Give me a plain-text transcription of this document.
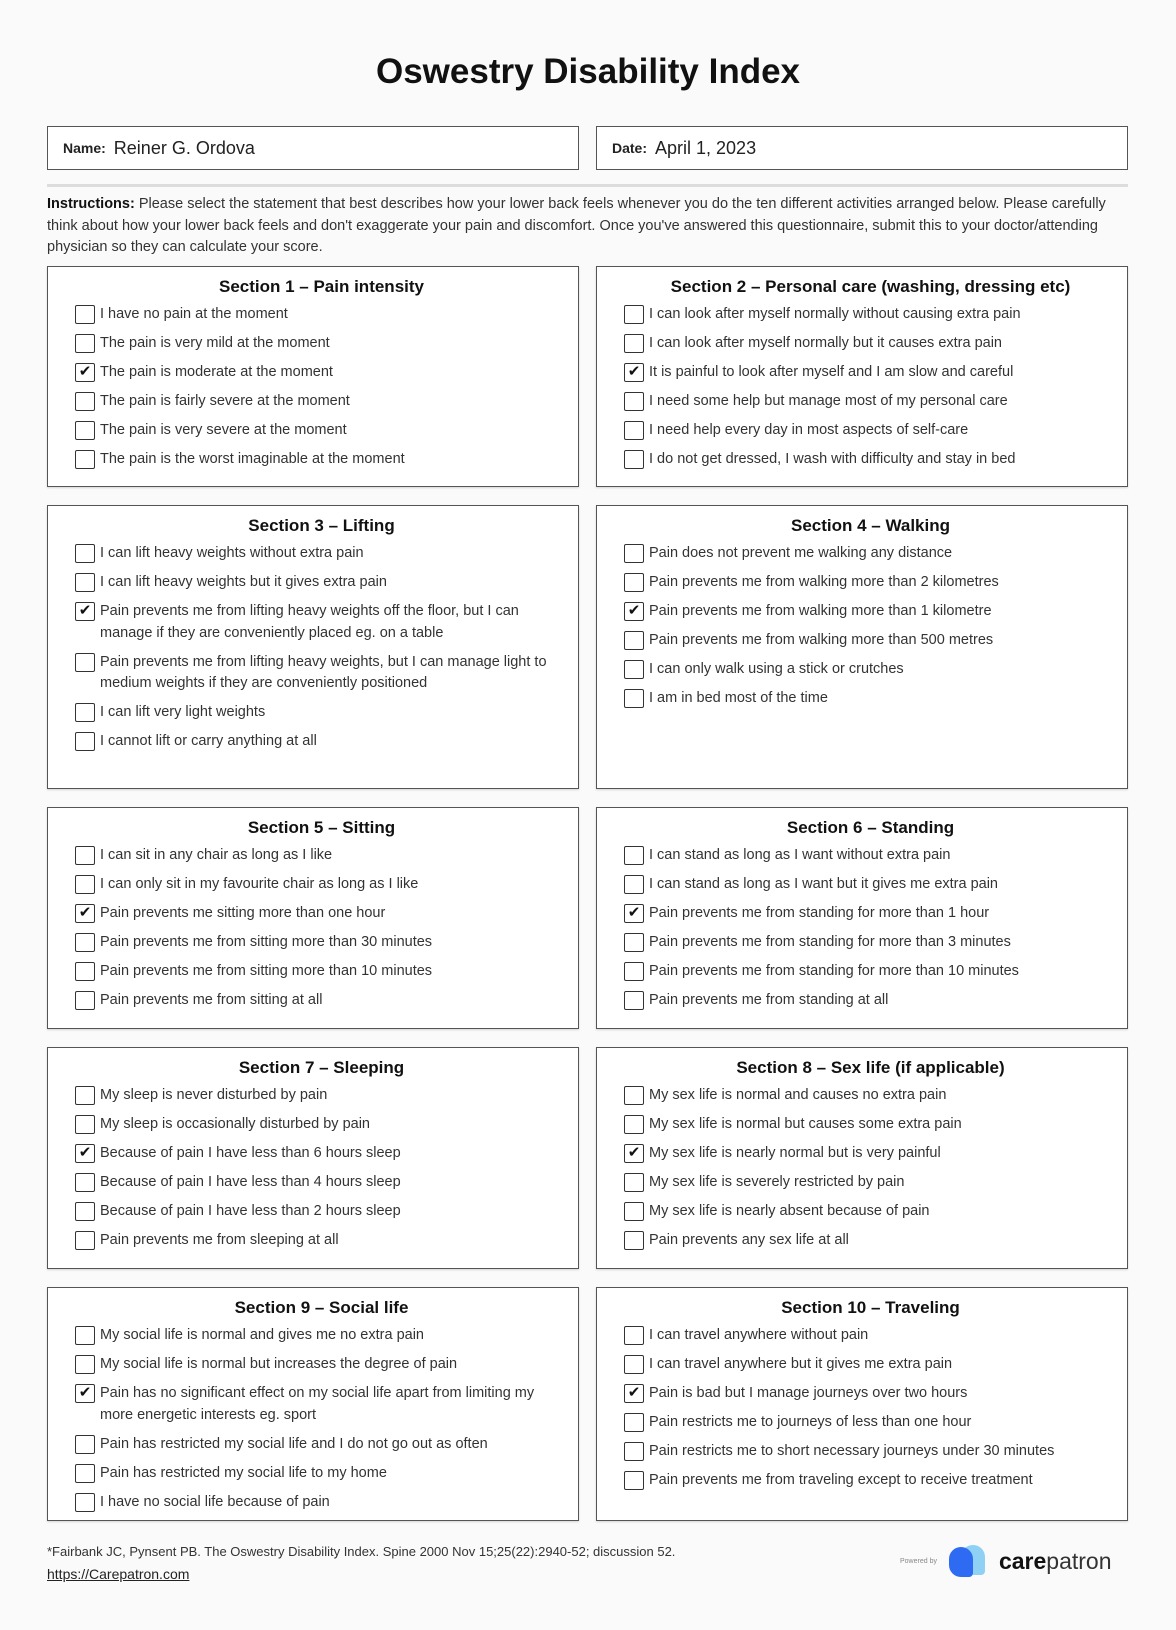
Oswestry Disability Index
Name: Reiner G. Ordova	Date: April 1, 2023
Instructions: Please select the statement that best describes how your lower back feels whenever you do the ten different activities arranged below. Please carefully think about how your lower back feels and don't exaggerate your pain and discomfort. Once you've answered this questionnaire, submit this to your doctor/attending physician so they can calculate your score.
Section 1 – Pain intensity
I have no pain at the moment
The pain is very mild at the moment
✔ The pain is moderate at the moment
The pain is fairly severe at the moment
The pain is very severe at the moment
The pain is the worst imaginable at the moment
Section 2 – Personal care (washing, dressing etc)
I can look after myself normally without causing extra pain
I can look after myself normally but it causes extra pain
✔ It is painful to look after myself and I am slow and careful
I need some help but manage most of my personal care
I need help every day in most aspects of self-care
I do not get dressed, I wash with difficulty and stay in bed
Section 3 – Lifting
I can lift heavy weights without extra pain
I can lift heavy weights but it gives extra pain
✔ Pain prevents me from lifting heavy weights off the floor, but I can manage if they are conveniently placed eg. on a table
Pain prevents me from lifting heavy weights, but I can manage light to medium weights if they are conveniently positioned
I can lift very light weights
I cannot lift or carry anything at all
Section 4 – Walking
Pain does not prevent me walking any distance
Pain prevents me from walking more than 2 kilometres
✔ Pain prevents me from walking more than 1 kilometre
Pain prevents me from walking more than 500 metres
I can only walk using a stick or crutches
I am in bed most of the time
Section 5 – Sitting
I can sit in any chair as long as I like
I can only sit in my favourite chair as long as I like
✔ Pain prevents me sitting more than one hour
Pain prevents me from sitting more than 30 minutes
Pain prevents me from sitting more than 10 minutes
Pain prevents me from sitting at all
Section 6 – Standing
I can stand as long as I want without extra pain
I can stand as long as I want but it gives me extra pain
✔ Pain prevents me from standing for more than 1 hour
Pain prevents me from standing for more than 3 minutes
Pain prevents me from standing for more than 10 minutes
Pain prevents me from standing at all
Section 7 – Sleeping
My sleep is never disturbed by pain
My sleep is occasionally disturbed by pain
✔ Because of pain I have less than 6 hours sleep
Because of pain I have less than 4 hours sleep
Because of pain I have less than 2 hours sleep
Pain prevents me from sleeping at all
Section 8 – Sex life (if applicable)
My sex life is normal and causes no extra pain
My sex life is normal but causes some extra pain
✔ My sex life is nearly normal but is very painful
My sex life is severely restricted by pain
My sex life is nearly absent because of pain
Pain prevents any sex life at all
Section 9 – Social life
My social life is normal and gives me no extra pain
My social life is normal but increases the degree of pain
✔ Pain has no significant effect on my social life apart from limiting my more energetic interests eg. sport
Pain has restricted my social life and I do not go out as often
Pain has restricted my social life to my home
I have no social life because of pain
Section 10 – Traveling
I can travel anywhere without pain
I can travel anywhere but it gives me extra pain
✔ Pain is bad but I manage journeys over two hours
Pain restricts me to journeys of less than one hour
Pain restricts me to short necessary journeys under 30 minutes
Pain prevents me from traveling except to receive treatment
*Fairbank JC, Pynsent PB. The Oswestry Disability Index. Spine 2000 Nov 15;25(22):2940-52; discussion 52.
https://Carepatron.com
Powered by	carepatron
